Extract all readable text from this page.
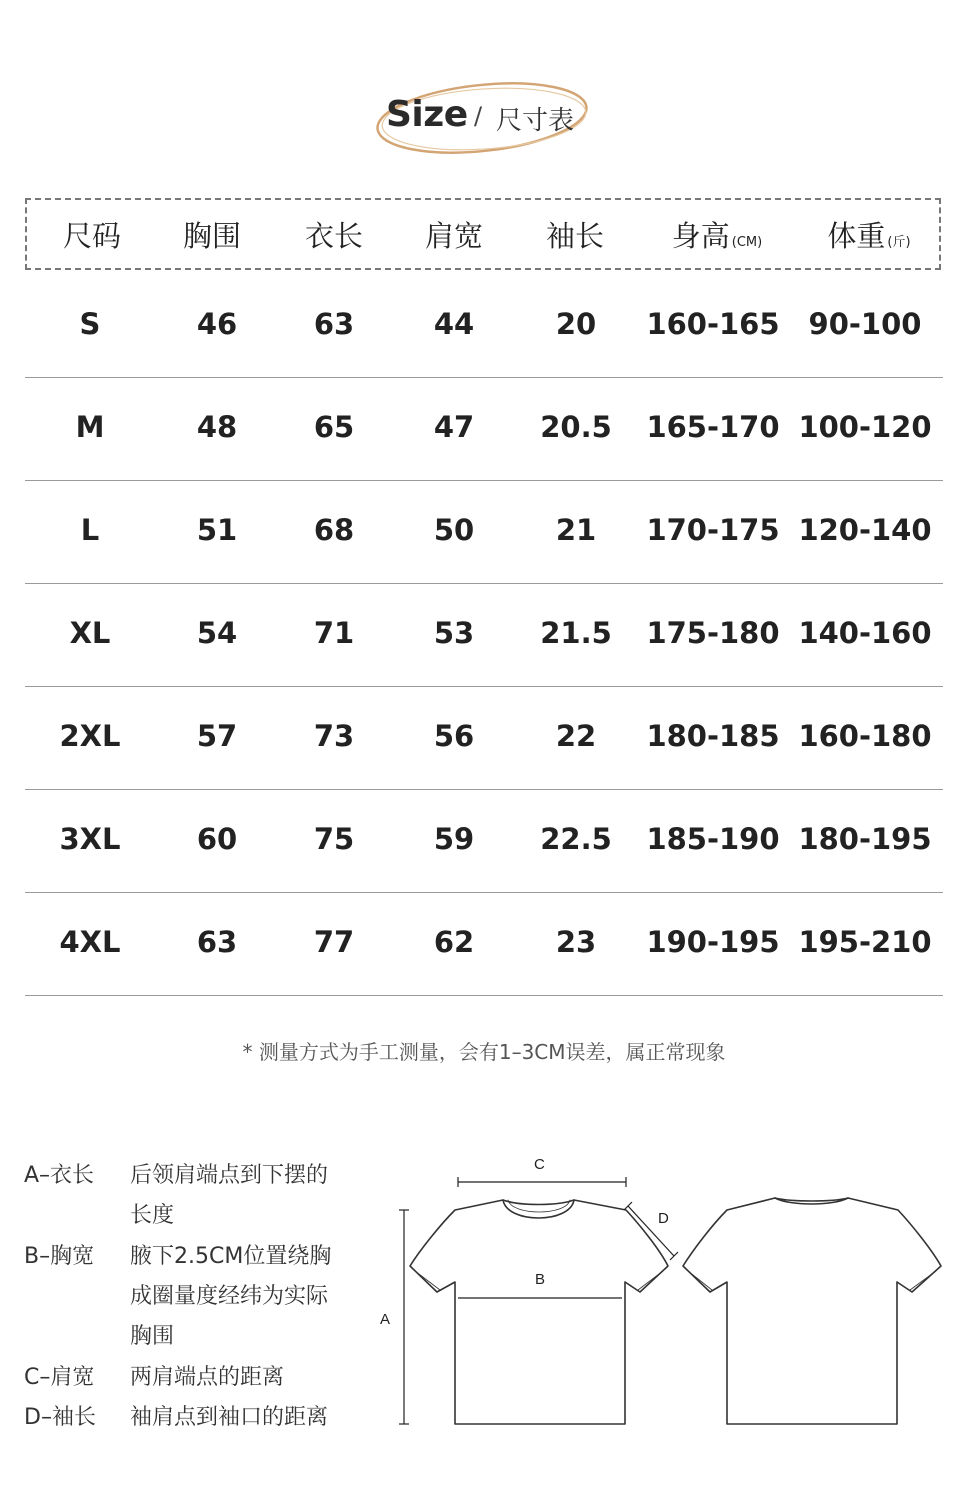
Size / 尺寸表
尺码	胸围	衣长	肩宽	袖长	身高 (CM)	体重 (斤)
S	46	63	44	20	160-165 90-100
M	48	65	47	20.5	165-170 100-120
L	51	68	50	21	170-175 120-140
XL	54	71	53	21.5	175-180 140-160
2XL	57	73	56	22	180-185 160-180
3XL	60	75	59	22.5	185-190 180-195
4XL	63	77	62	23	190-195 195-210
* 测量方式为手工测量，会有1–3CM误差，属正常现象
A–衣长 后领肩端点到下摆的
长度
B–胸宽 腋下2.5CM位置绕胸
成圈量度经纬为实际
胸围
C–肩宽 两肩端点的距离
D–袖长 袖肩点到袖口的距离
C
D
B
A
